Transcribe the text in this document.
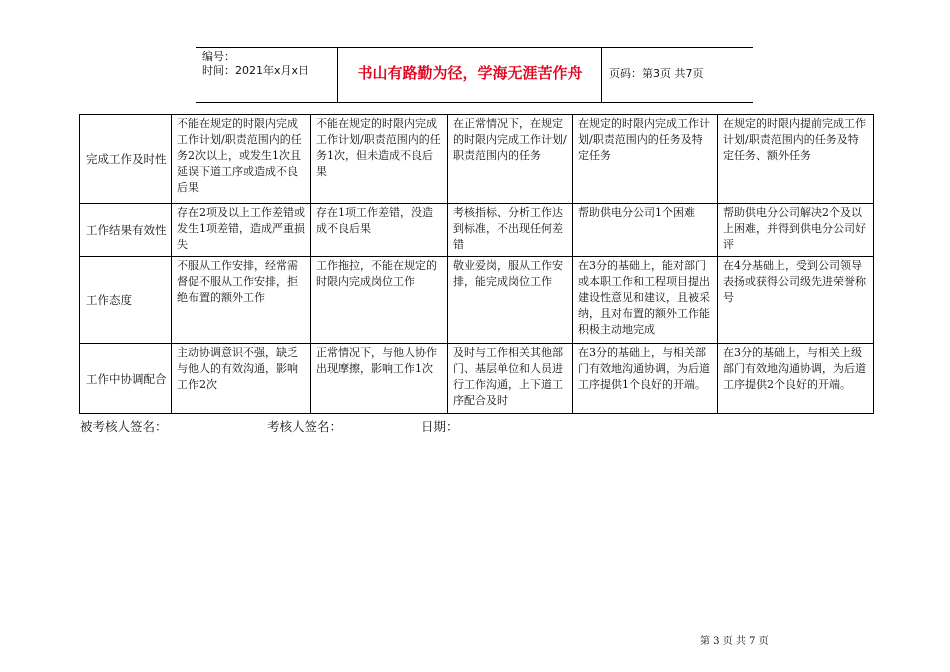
编号：
时间：2021年x月x日	书山有路勤为径，学海无涯苦作舟	页码：第3页 共7页
完成工作及时性	不能在规定的时限内完成工作计划/职责范围内的任务2次以上，或发生1次且延误下道工序或造成不良后果	不能在规定的时限内完成工作计划/职责范围内的任务1次，但未造成不良后果	在正常情况下，在规定的时限内完成工作计划/职责范围内的任务	在规定的时限内完成工作计划/职责范围内的任务及特定任务	在规定的时限内提前完成工作计划/职责范围内的任务及特定任务、额外任务
工作结果有效性	存在2项及以上工作差错或发生1项差错，造成严重损失	存在1项工作差错，没造成不良后果	考核指标、分析工作达到标准，不出现任何差错	帮助供电分公司1个困难	帮助供电分公司解决2个及以上困难，并得到供电分公司好评
工作态度	不服从工作安排，经常需督促不服从工作安排，拒绝布置的额外工作	工作拖拉，不能在规定的时限内完成岗位工作	敬业爱岗，服从工作安排，能完成岗位工作	在3分的基础上，能对部门或本职工作和工程项目提出建设性意见和建议，且被采纳，且对布置的额外工作能积极主动地完成	在4分基础上，受到公司领导表扬或获得公司级先进荣誉称号
工作中协调配合	主动协调意识不强，缺乏与他人的有效沟通，影响工作2次	正常情况下，与他人协作出现摩擦，影响工作1次	及时与工作相关其他部门、基层单位和人员进行工作沟通，上下道工序配合及时	在3分的基础上，与相关部门有效地沟通协调，为后道工序提供1个良好的开端。	在3分的基础上，与相关上级部门有效地沟通协调，为后道工序提供2个良好的开端。
被考核人签名：	考核人签名：	日期：
第 3 页 共 7 页
